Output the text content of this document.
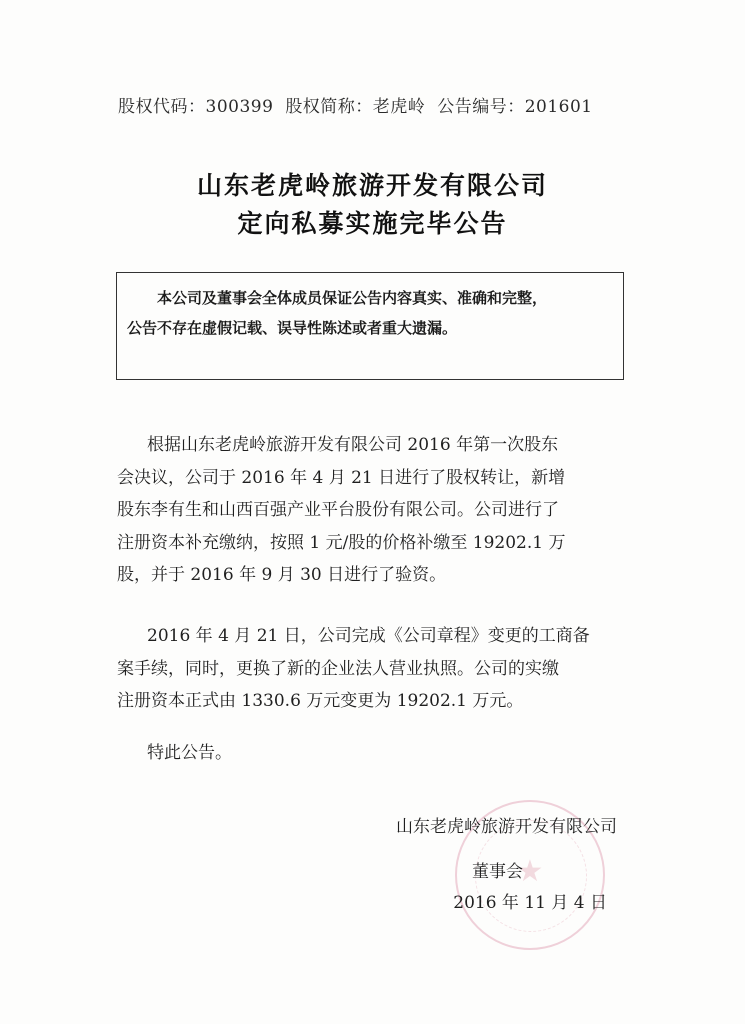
股权代码：300399 股权简称：老虎岭 公告编号：201601
山东老虎岭旅游开发有限公司
定向私募实施完毕公告
本公司及董事会全体成员保证公告内容真实、准确和完整，
公告不存在虚假记载、误导性陈述或者重大遗漏。
根据山东老虎岭旅游开发有限公司 2016 年第一次股东
会决议，公司于 2016 年 4 月 21 日进行了股权转让，新增
股东李有生和山西百强产业平台股份有限公司。公司进行了
注册资本补充缴纳，按照 1 元/股的价格补缴至 19202.1 万
股，并于 2016 年 9 月 30 日进行了验资。
2016 年 4 月 21 日，公司完成《公司章程》变更的工商备
案手续，同时，更换了新的企业法人营业执照。公司的实缴
注册资本正式由 1330.6 万元变更为 19202.1 万元。
特此公告。
★
山东老虎岭旅游开发有限公司
董事会
2016 年 11 月 4 日
